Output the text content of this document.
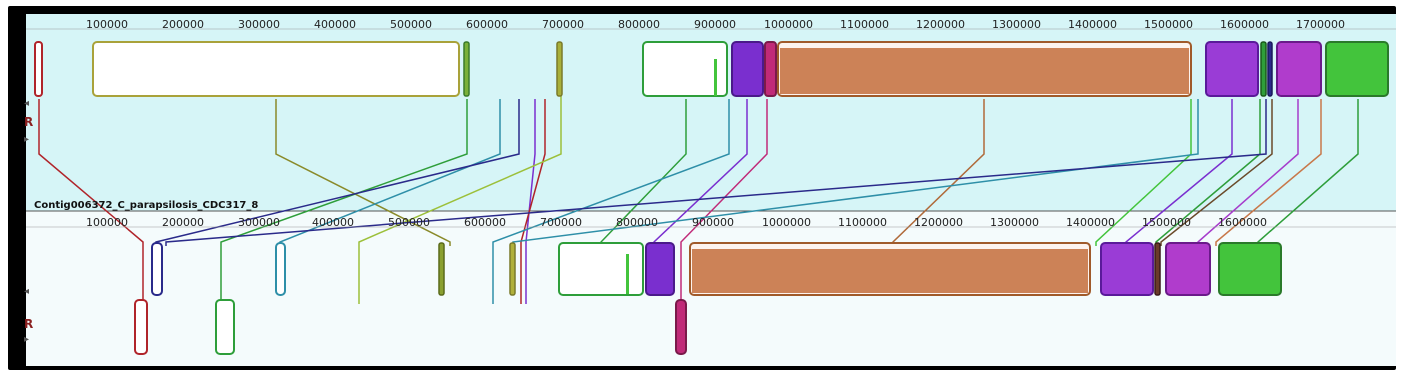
100000	200000	300000	400000	500000	600000	700000	800000	900000	1000000 1100000 1200000 1300000 1400000 1500000 1600000 1700000
◂
R
▸
Contig006372_C_parapsilosis_CDC317_8
100000	200000	300000	400000	500000	600000	700000	800000	900000	1000000 1100000 1200000 1300000 1400000 1500000 1600000
◂
R
▸
